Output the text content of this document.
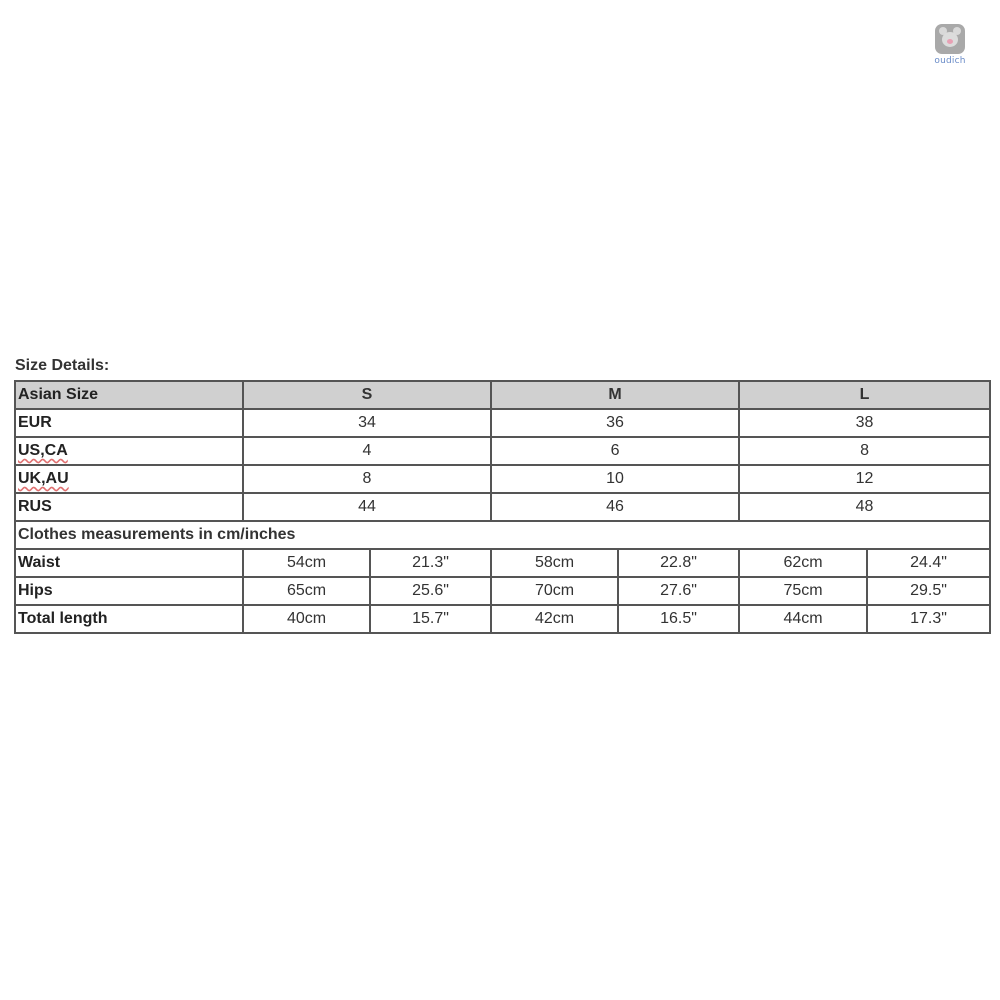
oudich
Size Details:
Asian Size	S		M		L	
EUR	34		36		38	
US,CA	4		6		8	
UK,AU	8		10		12	
RUS	44		46		48	
Clothes measurements in cm/inches						
Waist	54cm	21.3"	58cm	22.8"	62cm	24.4"
Hips	65cm	25.6"	70cm	27.6"	75cm	29.5"
Total length	40cm	15.7"	42cm	16.5"	44cm	17.3"
